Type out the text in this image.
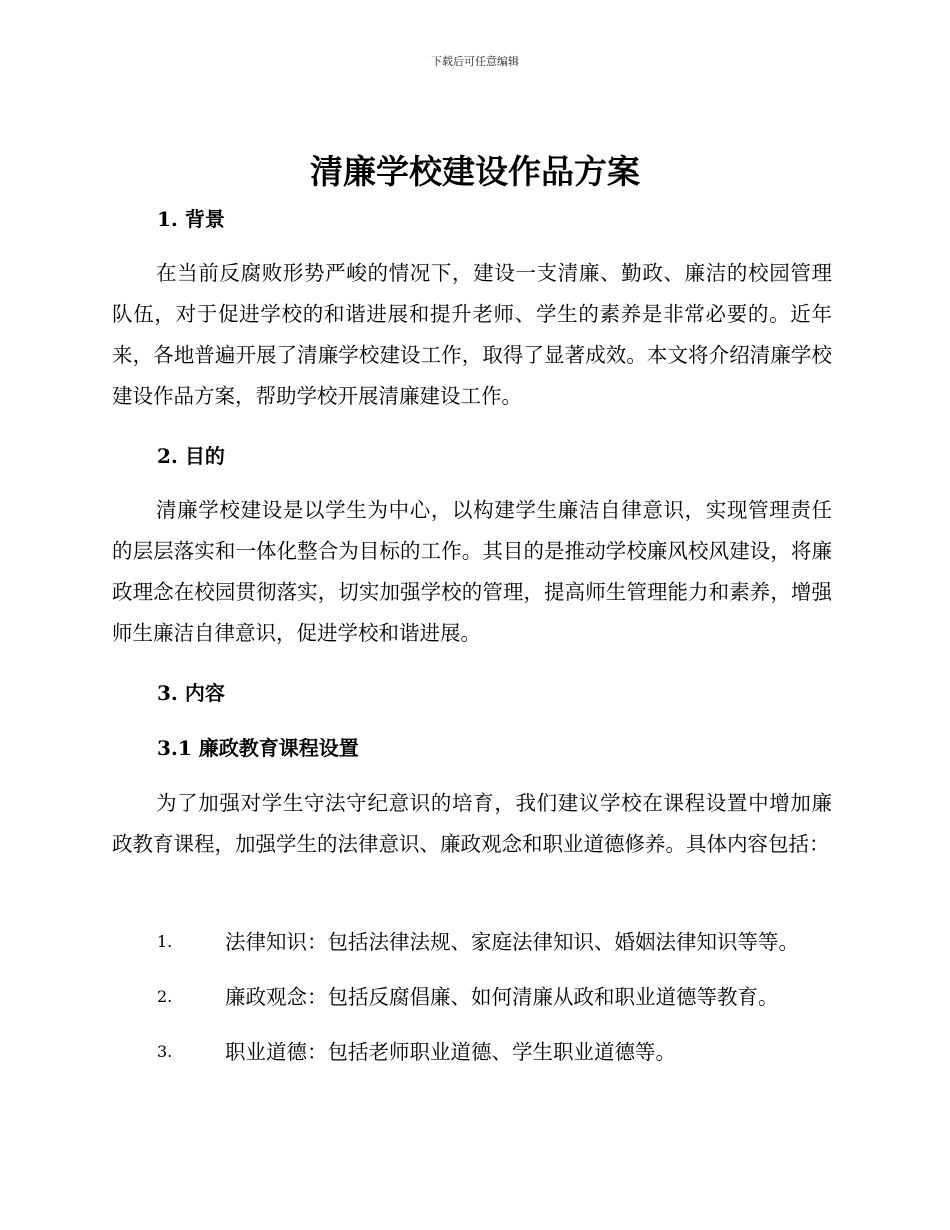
下载后可任意编辑
清廉学校建设作品方案
1. 背景

在当前反腐败形势严峻的情况下，建设一支清廉、勤政、廉洁的校园管理队伍，对于促进学校的和谐进展和提升老师、学生的素养是非常必要的。近年来，各地普遍开展了清廉学校建设工作，取得了显著成效。本文将介绍清廉学校建设作品方案，帮助学校开展清廉建设工作。

2. 目的

清廉学校建设是以学生为中心，以构建学生廉洁自律意识，实现管理责任的层层落实和一体化整合为目标的工作。其目的是推动学校廉风校风建设，将廉政理念在校园贯彻落实，切实加强学校的管理，提高师生管理能力和素养，增强师生廉洁自律意识，促进学校和谐进展。

3. 内容
3.1 廉政教育课程设置

为了加强对学生守法守纪意识的培育，我们建议学校在课程设置中增加廉政教育课程，加强学生的法律意识、廉政观念和职业道德修养。具体内容包括：

1.	法律知识：包括法律法规、家庭法律知识、婚姻法律知识等等。
2.	廉政观念：包括反腐倡廉、如何清廉从政和职业道德等教育。
3.	职业道德：包括老师职业道德、学生职业道德等。
